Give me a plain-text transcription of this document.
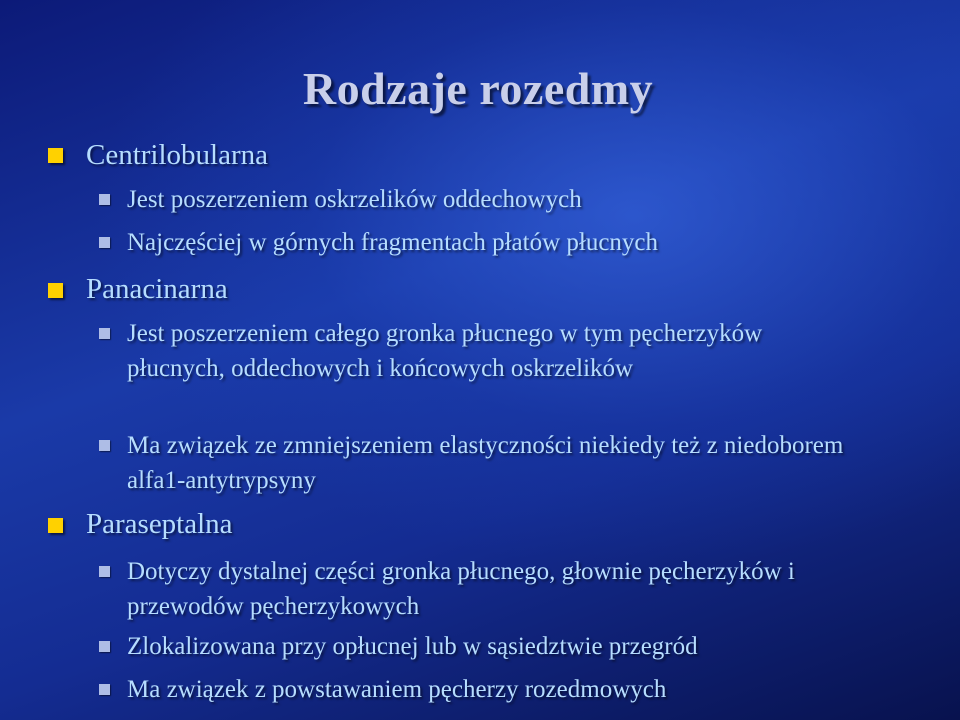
Rodzaje rozedmy
Centrilobularna
Jest poszerzeniem oskrzelików oddechowych
Najczęściej w górnych fragmentach płatów płucnych
Panacinarna
Jest poszerzeniem całego gronka płucnego w tym pęcherzyków płucnych, oddechowych i końcowych oskrzelików
Ma związek ze zmniejszeniem elastyczności niekiedy też z niedoborem alfa1-antytrypsyny
Paraseptalna
Dotyczy dystalnej części gronka płucnego, głownie pęcherzyków i przewodów pęcherzykowych
Zlokalizowana przy opłucnej lub w sąsiedztwie przegród
Ma związek z powstawaniem pęcherzy rozedmowych
